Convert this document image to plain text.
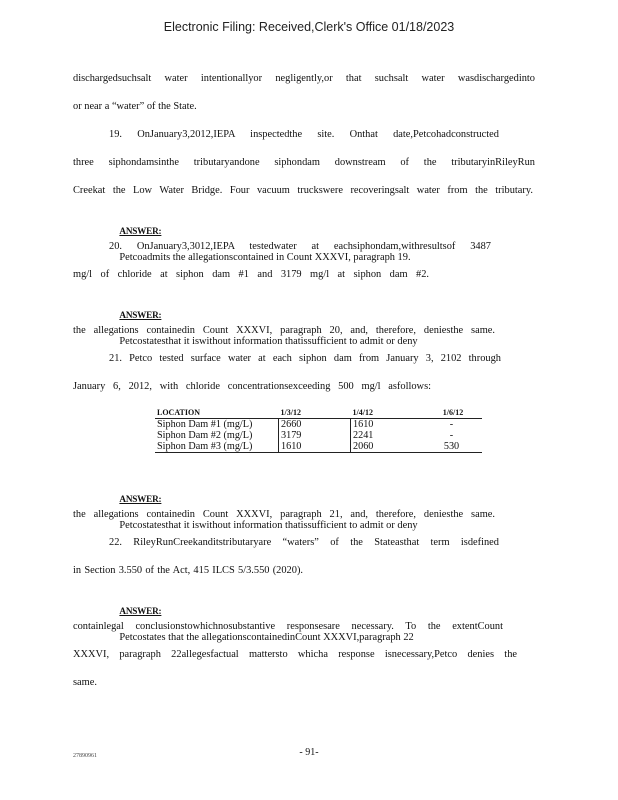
Electronic Filing: Received,Clerk's Office 01/18/2023
dischargedsuchsalt water intentionallyor negligently,or that suchsalt water wasdischargedinto
or near a “water” of the State.
19. OnJanuary3,2012,IEPA inspectedthe site. Onthat date,Petcohadconstructed
three siphondamsinthe tributaryandone siphondam downstream of the tributaryinRileyRun
Creekat the Low Water Bridge. Four vacuum truckswere recoveringsalt water from the tributary.

ANSWER:

Petcoadmits the allegationscontained in Count XXXVI, paragraph 19.

20. OnJanuary3,3012,IEPA testedwater at eachsiphondam,withresultsof 3487
mg/l of chloride at siphon dam #1 and 3179 mg/l at siphon dam #2.

ANSWER:

Petcostatesthat it iswithout information thatissufficient to admit or deny

the allegations containedin Count XXXVI, paragraph 20, and, therefore, deniesthe same.
21. Petco tested surface water at each siphon dam from January 3, 2102 through
January 6, 2012, with chloride concentrationsexceeding 500 mg/l asfollows:
LOCATION	1/3/12	1/4/12	1/6/12
Siphon Dam #1 (mg/L)	2660	1610	-
Siphon Dam #2 (mg/L)	3179	2241	-
Siphon Dam #3 (mg/L)	1610	2060	530

ANSWER:

Petcostatesthat it iswithout information thatissufficient to admit or deny

the allegations containedin Count XXXVI, paragraph 21, and, therefore, deniesthe same.
22. RileyRunCreekanditstributaryare “waters” of the Stateasthat term isdefined
in Section 3.550 of the Act, 415 ILCS 5/3.550 (2020).

ANSWER:

Petcostates that the allegationscontainedinCount XXXVI,paragraph 22

containlegal conclusionstowhichnosubstantive responsesare necessary. To the extentCount
XXXVI, paragraph 22allegesfactual mattersto whicha response isnecessary,Petco denies the
same.
27890961	- 91-
